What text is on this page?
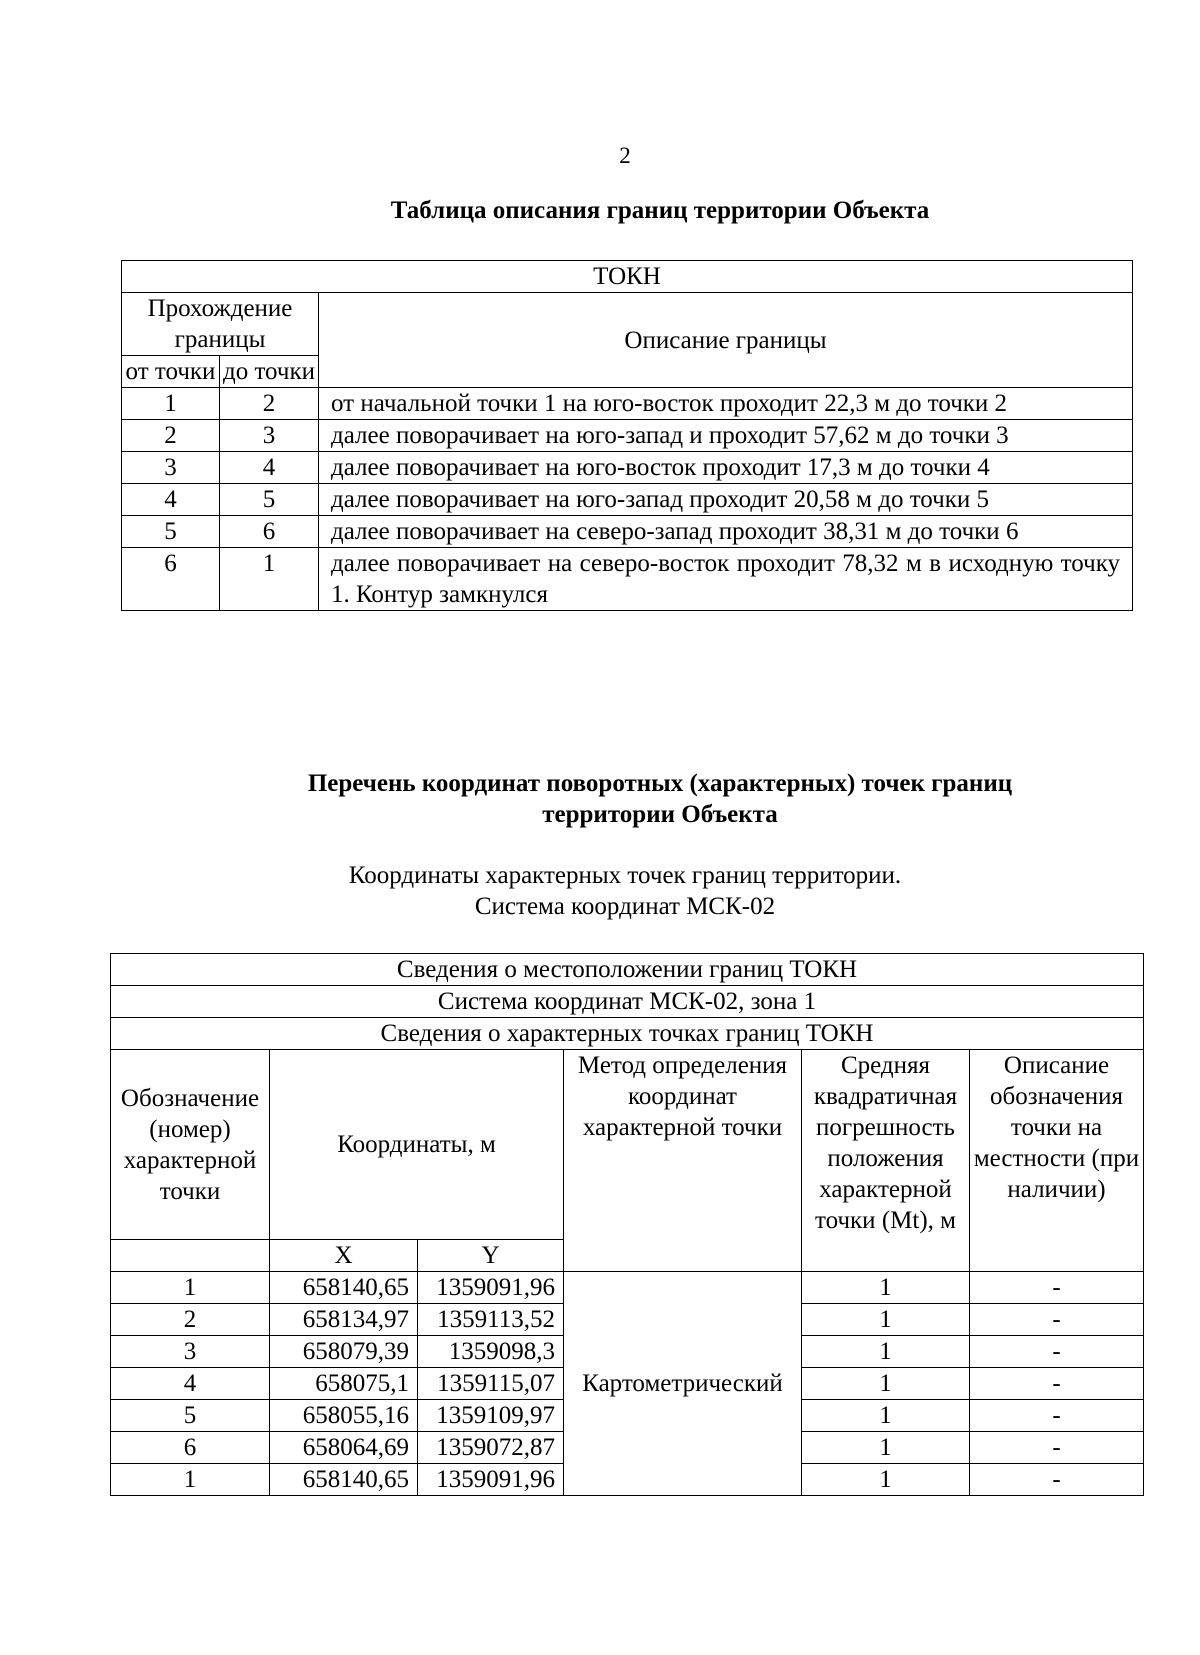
2
Таблица описания границ территории Объекта
ТОКН		
Прохождение границы		Описание границы
от точки	до точки	
1	2	от начальной точки 1 на юго-восток проходит 22,3 м до точки 2
2	3	далее поворачивает на юго-запад и проходит 57,62 м до точки 3
3	4	далее поворачивает на юго-восток проходит 17,3 м до точки 4
4	5	далее поворачивает на юго-запад проходит 20,58 м до точки 5
5	6	далее поворачивает на северо-запад проходит 38,31 м до точки 6
6	1	далее поворачивает на северо-восток проходит 78,32 м в исходную точку 1. Контур замкнулся
Перечень координат поворотных (характерных) точек границ
территории Объекта
Координаты характерных точек границ территории.
Система координат МСК-02
Сведения о местоположении границ ТОКН					
Система координат МСК-02, зона 1					
Сведения о характерных точках границ ТОКН					
Обозначение (номер) характерной точки	Координаты, м		Метод определения координат характерной точки	Средняя квадратичная погрешность положения характерной точки (Mt), м	Описание обозначения точки на местности (при наличии)
	X	Y			
1	658140,65	1359091,96	Картометрический	1	-
2	658134,97	1359113,52		1	-
3	658079,39	1359098,3		1	-
4	658075,1	1359115,07		1	-
5	658055,16	1359109,97		1	-
6	658064,69	1359072,87		1	-
1	658140,65	1359091,96		1	-
